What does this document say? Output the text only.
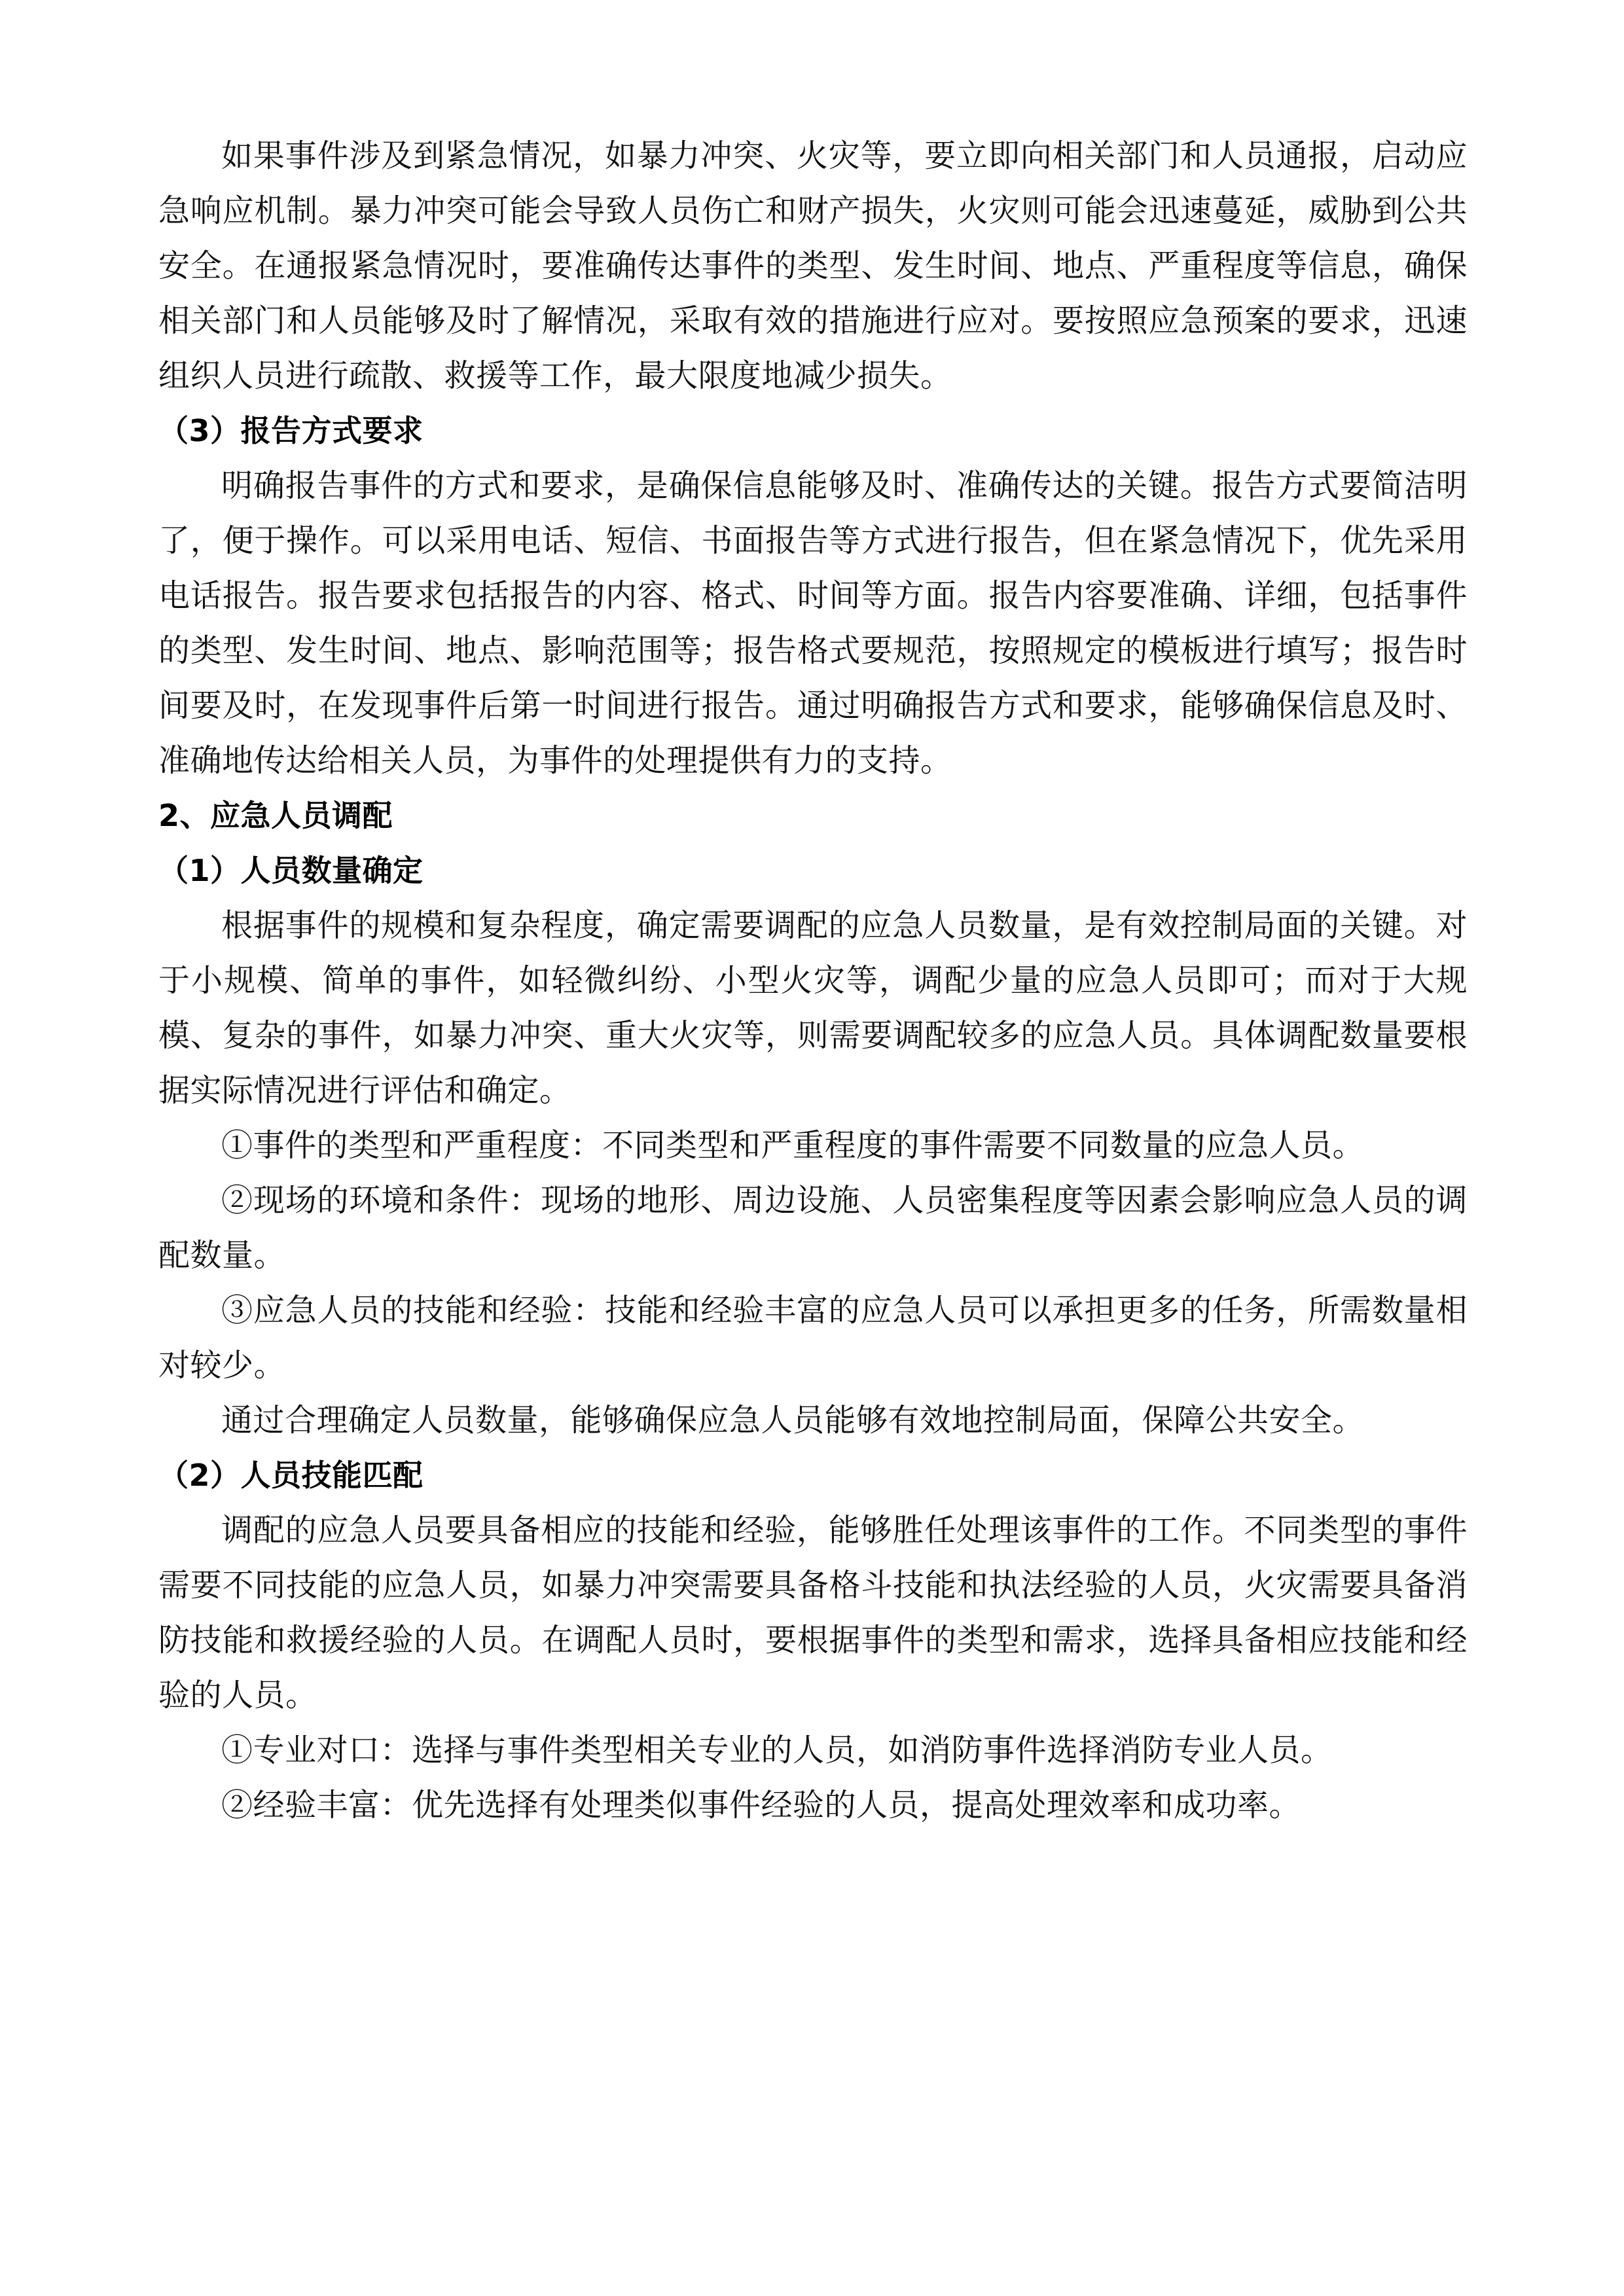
如果事件涉及到紧急情况，如暴力冲突、火灾等，要立即向相关部门和人员通报，启动应急响应机制。暴力冲突可能会导致人员伤亡和财产损失，火灾则可能会迅速蔓延，威胁到公共安全。在通报紧急情况时，要准确传达事件的类型、发生时间、地点、严重程度等信息，确保相关部门和人员能够及时了解情况，采取有效的措施进行应对。要按照应急预案的要求，迅速组织人员进行疏散、救援等工作，最大限度地减少损失。

（3）报告方式要求

明确报告事件的方式和要求，是确保信息能够及时、准确传达的关键。报告方式要简洁明了，便于操作。可以采用电话、短信、书面报告等方式进行报告，但在紧急情况下，优先采用电话报告。报告要求包括报告的内容、格式、时间等方面。报告内容要准确、详细，包括事件的类型、发生时间、地点、影响范围等；报告格式要规范，按照规定的模板进行填写；报告时间要及时，在发现事件后第一时间进行报告。通过明确报告方式和要求，能够确保信息及时、准确地传达给相关人员，为事件的处理提供有力的支持。

2、应急人员调配

（1）人员数量确定

根据事件的规模和复杂程度，确定需要调配的应急人员数量，是有效控制局面的关键。对于小规模、简单的事件，如轻微纠纷、小型火灾等，调配少量的应急人员即可；而对于大规模、复杂的事件，如暴力冲突、重大火灾等，则需要调配较多的应急人员。具体调配数量要根据实际情况进行评估和确定。

①事件的类型和严重程度：不同类型和严重程度的事件需要不同数量的应急人员。

②现场的环境和条件：现场的地形、周边设施、人员密集程度等因素会影响应急人员的调配数量。

③应急人员的技能和经验：技能和经验丰富的应急人员可以承担更多的任务，所需数量相对较少。

通过合理确定人员数量，能够确保应急人员能够有效地控制局面，保障公共安全。

（2）人员技能匹配

调配的应急人员要具备相应的技能和经验，能够胜任处理该事件的工作。不同类型的事件需要不同技能的应急人员，如暴力冲突需要具备格斗技能和执法经验的人员，火灾需要具备消防技能和救援经验的人员。在调配人员时，要根据事件的类型和需求，选择具备相应技能和经验的人员。

①专业对口：选择与事件类型相关专业的人员，如消防事件选择消防专业人员。

②经验丰富：优先选择有处理类似事件经验的人员，提高处理效率和成功率。
